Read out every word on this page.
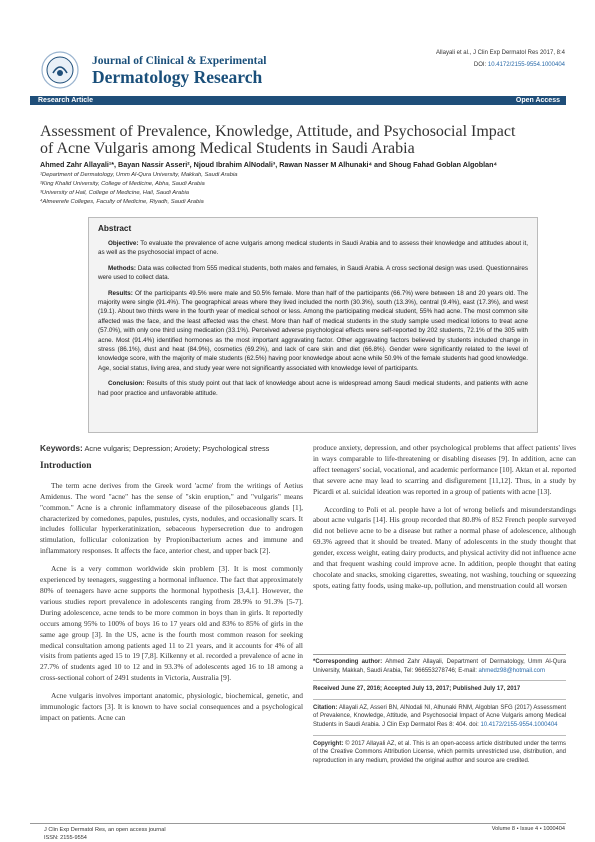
Journal of Clinical & Experimental
Dermatology Research
Allayali et al., J Clin Exp Dermatol Res 2017, 8:4
DOI: 10.4172/2155-9554.1000404
Research Article	Open Access
Assessment of Prevalence, Knowledge, Attitude, and Psychosocial Impact
of Acne Vulgaris among Medical Students in Saudi Arabia
Ahmed Zahr Allayali¹*, Bayan Nassir Asseri², Njoud Ibrahim AlNodali³, Rawan Nasser M Alhunaki⁴ and Shoug Fahad Goblan Algoblan⁴
¹Department of Dermatology, Umm Al-Qura University, Makkah, Saudi Arabia
²King Khalid University, College of Medicine, Abha, Saudi Arabia
³University of Hail, College of Medicine, Hail, Saudi Arabia
⁴Almeerefe Colleges, Faculty of Medicine, Riyadh, Saudi Arabia
Abstract

Objective: To evaluate the prevalence of acne vulgaris among medical students in Saudi Arabia and to assess their knowledge and attitudes about it, as well as the psychosocial impact of acne.

Methods: Data was collected from 555 medical students, both males and females, in Saudi Arabia. A cross sectional design was used. Questionnaires were used to collect data.

Results: Of the participants 49.5% were male and 50.5% female. More than half of the participants (66.7%) were between 18 and 20 years old. The majority were single (91.4%). The geographical areas where they lived included the north (30.3%), south (13.3%), central (9.4%), east (17.3%), and west (19.1). About two thirds were in the fourth year of medical school or less. Among the participating medical student, 55% had acne. The most common site affected was the face, and the least affected was the chest. More than half of medical students in the study sample used medical lotions to treat acne (57.0%), with only one third using medication (33.1%). Perceived adverse psychological effects were self-reported by 202 students, 72.1% of the 305 with acne. Most (91.4%) identified hormones as the most important aggravating factor. Other aggravating factors believed by students included change in stress (86.1%), dust and heat (84.9%), cosmetics (69.2%), and lack of care skin and diet (66.8%). Gender were significantly related to the level of knowledge score, with the majority of male students (62.5%) having poor knowledge about acne while 50.9% of the female students had good knowledge. Age, social status, living area, and study year were not significantly associated with knowledge level of participants.

Conclusion: Results of this study point out that lack of knowledge about acne is widespread among Saudi medical students, and patients with acne had poor practice and unfavorable attitude.

Keywords: Acne vulgaris; Depression; Anxiety; Psychological stress
Introduction

The term acne derives from the Greek word 'acme' from the writings of Aetius Amidenus. The word "acne" has the sense of "skin eruption," and "vulgaris" means "common." Acne is a chronic inflammatory disease of the pilosebaceous glands [1], characterized by comedones, papules, pustules, cysts, nodules, and occasionally scars. It includes follicular hyperkeratinization, sebaceous hypersecretion due to androgen stimulation, follicular colonization by Propionibacterium acnes and immune and inflammatory responses. It affects the face, anterior chest, and upper back [2].

Acne is a very common worldwide skin problem [3]. It is most commonly experienced by teenagers, suggesting a hormonal influence. The fact that approximately 80% of teenagers have acne supports the hormonal hypothesis [3,4,1]. However, the various studies report prevalence in adolescents ranging from 28.9% to 91.3% [5-7]. During adolescence, acne tends to be more common in boys than in girls. It reportedly occurs among 95% to 100% of boys 16 to 17 years old and 83% to 85% of girls in the same age group [3]. In the US, acne is the fourth most common reason for seeking medical consultation among patients aged 11 to 21 years, and it accounts for 4% of all visits from patients aged 15 to 19 [7,8]. Kilkenny et al. recorded a prevalence of acne in 27.7% of students aged 10 to 12 and in 93.3% of adolescents aged 16 to 18 among a cross-sectional cohort of 2491 students in Victoria, Australia [9].

Acne vulgaris involves important anatomic, physiologic, biochemical, genetic, and immunologic factors [3]. It is known to have social consequences and a psychological impact on patients. Acne can

produce anxiety, depression, and other psychological problems that affect patients' lives in ways comparable to life-threatening or disabling diseases [9]. In addition, acne can affect teenagers' social, vocational, and academic performance [10]. Aktan et al. reported that severe acne may lead to scarring and disfigurement [11,12]. Thus, in a study by Picardi et al. suicidal ideation was reported in a group of patients with acne [13].

According to Poli et al. people have a lot of wrong beliefs and misunderstandings about acne vulgaris [14]. His group recorded that 80.8% of 852 French people surveyed did not believe acne to be a disease but rather a normal phase of adolescence, although 69.3% agreed that it should be treated. Many of adolescents in the study thought that gender, excess weight, eating dairy products, and physical activity did not influence acne and that frequent washing could improve acne. In addition, people thought that eating chocolate and snacks, smoking cigarettes, sweating, not washing, touching or squeezing spots, eating fatty foods, using make-up, pollution, and menstruation could all worsen

*Corresponding author: Ahmed Zahr Allayali, Department of Dermatology, Umm Al-Qura University, Makkah, Saudi Arabia, Tel: 966553278746; E-mail: ahmedz98@hotmail.com

Received June 27, 2016; Accepted July 13, 2017; Published July 17, 2017

Citation: Allayali AZ, Asseri BN, AlNodali NI, Alhunaki RNM, Algoblan SFG (2017) Assessment of Prevalence, Knowledge, Attitude, and Psychosocial Impact of Acne Vulgaris among Medical Students in Saudi Arabia. J Clin Exp Dermatol Res 8: 404. doi: 10.4172/2155-9554.1000404

Copyright: © 2017 Allayali AZ, et al. This is an open-access article distributed under the terms of the Creative Commons Attribution License, which permits unrestricted use, distribution, and reproduction in any medium, provided the original author and source are credited.

J Clin Exp Dermatol Res, an open access journal
ISSN: 2155-9554
Volume 8 • Issue 4 • 1000404
